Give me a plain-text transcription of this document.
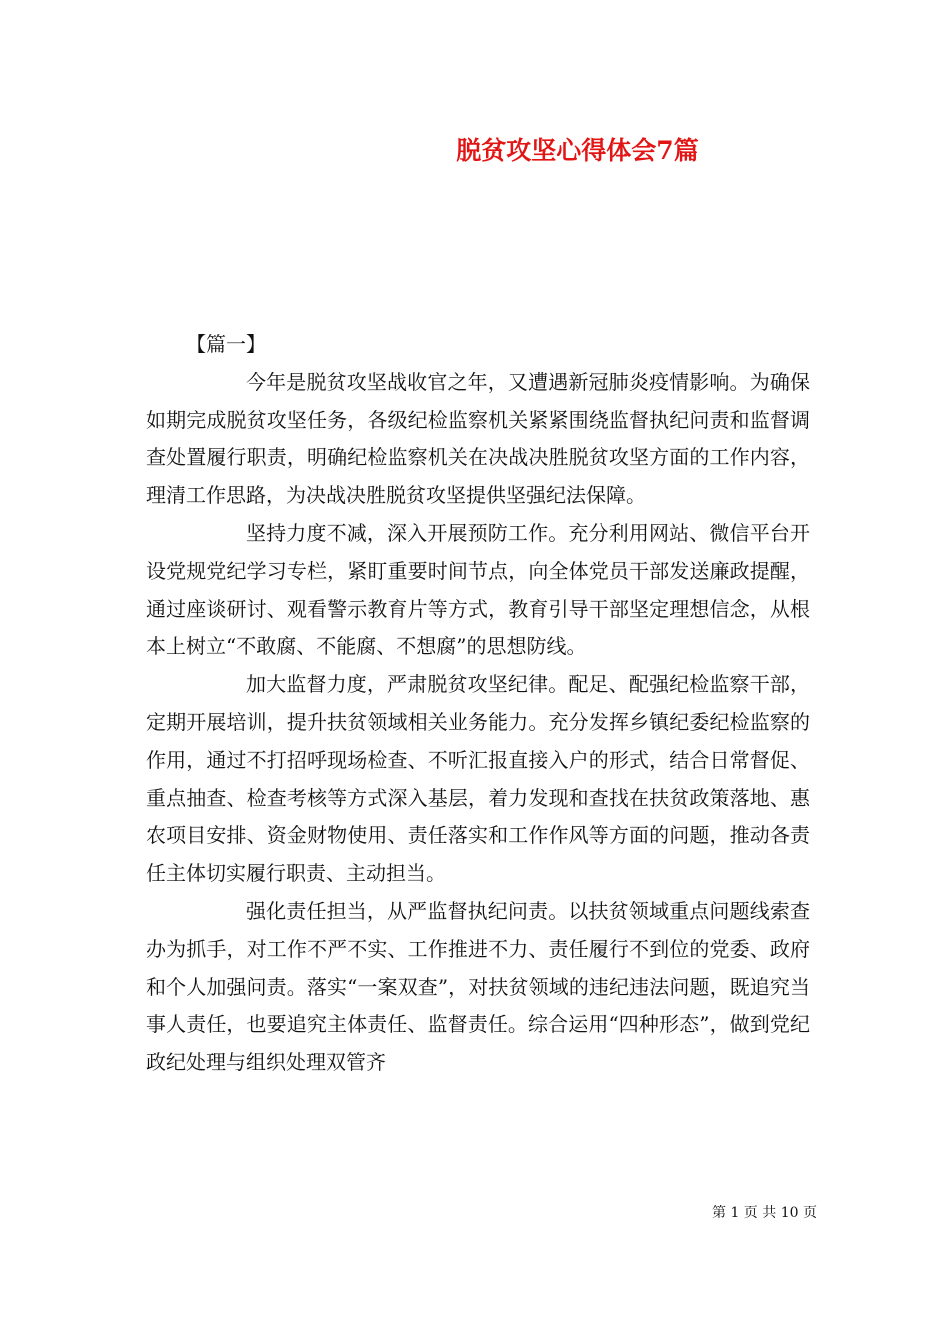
脱贫攻坚心得体会7篇

【篇一】

今年是脱贫攻坚战收官之年，又遭遇新冠肺炎疫情影响。为确保如期完成脱贫攻坚任务，各级纪检监察机关紧紧围绕监督执纪问责和监督调查处置履行职责，明确纪检监察机关在决战决胜脱贫攻坚方面的工作内容，理清工作思路，为决战决胜脱贫攻坚提供坚强纪法保障。

坚持力度不减，深入开展预防工作。充分利用网站、微信平台开设党规党纪学习专栏，紧盯重要时间节点，向全体党员干部发送廉政提醒，通过座谈研讨、观看警示教育片等方式，教育引导干部坚定理想信念，从根本上树立“不敢腐、不能腐、不想腐”的思想防线。

加大监督力度，严肃脱贫攻坚纪律。配足、配强纪检监察干部，定期开展培训，提升扶贫领域相关业务能力。充分发挥乡镇纪委纪检监察的作用，通过不打招呼现场检查、不听汇报直接入户的形式，结合日常督促、重点抽查、检查考核等方式深入基层，着力发现和查找在扶贫政策落地、惠农项目安排、资金财物使用、责任落实和工作作风等方面的问题，推动各责任主体切实履行职责、主动担当。

强化责任担当，从严监督执纪问责。以扶贫领域重点问题线索查办为抓手，对工作不严不实、工作推进不力、责任履行不到位的党委、政府和个人加强问责。落实“一案双查”，对扶贫领域的违纪违法问题，既追究当事人责任，也要追究主体责任、监督责任。综合运用“四种形态”，做到党纪政纪处理与组织处理双管齐

第 1 页 共 10 页
